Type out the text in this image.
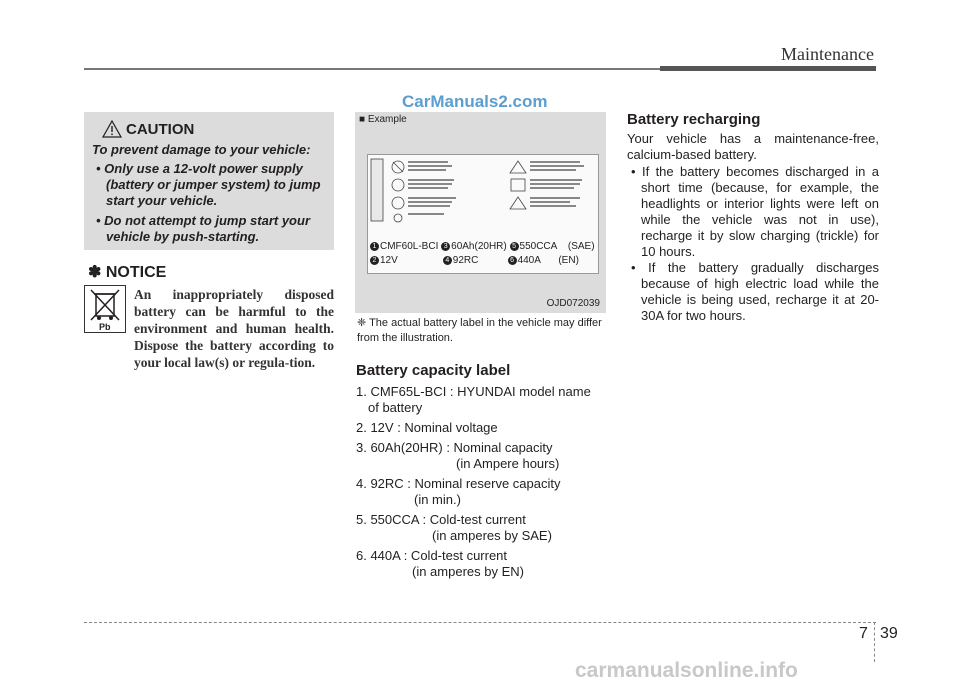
Maintenance
CarManuals2.com
CAUTION

To prevent damage to your vehicle:

• Only use a 12-volt power supply (battery or jumper system) to jump start your vehicle.
• Do not attempt to jump start your vehicle by push-starting.
✽ NOTICE
Pb
An inappropriately disposed battery can be harmful to the environment and human health. Dispose the battery according to your local law(s) or regula-tion.
■ Example
1 CMF60L-BCI 3 60Ah(20HR) 5 550CCA (SAE)
2 12V	4 92RC	6 440A (EN)
OJD072039
❈ The actual battery label in the vehicle may differ from the illustration.
Battery capacity label
1. CMF65L-BCI : HYUNDAI model name
of battery
2. 12V : Nominal voltage
3. 60Ah(20HR) : Nominal capacity
(in Ampere hours)
4. 92RC : Nominal reserve capacity
(in min.)
5. 550CCA : Cold-test current
(in amperes by SAE)
6. 440A : Cold-test current
(in amperes by EN)
Battery recharging
Your vehicle has a maintenance-free, calcium-based battery.
• If the battery becomes discharged in a short time (because, for example, the headlights or interior lights were left on while the vehicle was not in use), recharge it by slow charging (trickle) for 10 hours.
• If the battery gradually discharges because of high electric load while the vehicle is being used, recharge it at 20-30A for two hours.
7 39
carmanualsonline.info
